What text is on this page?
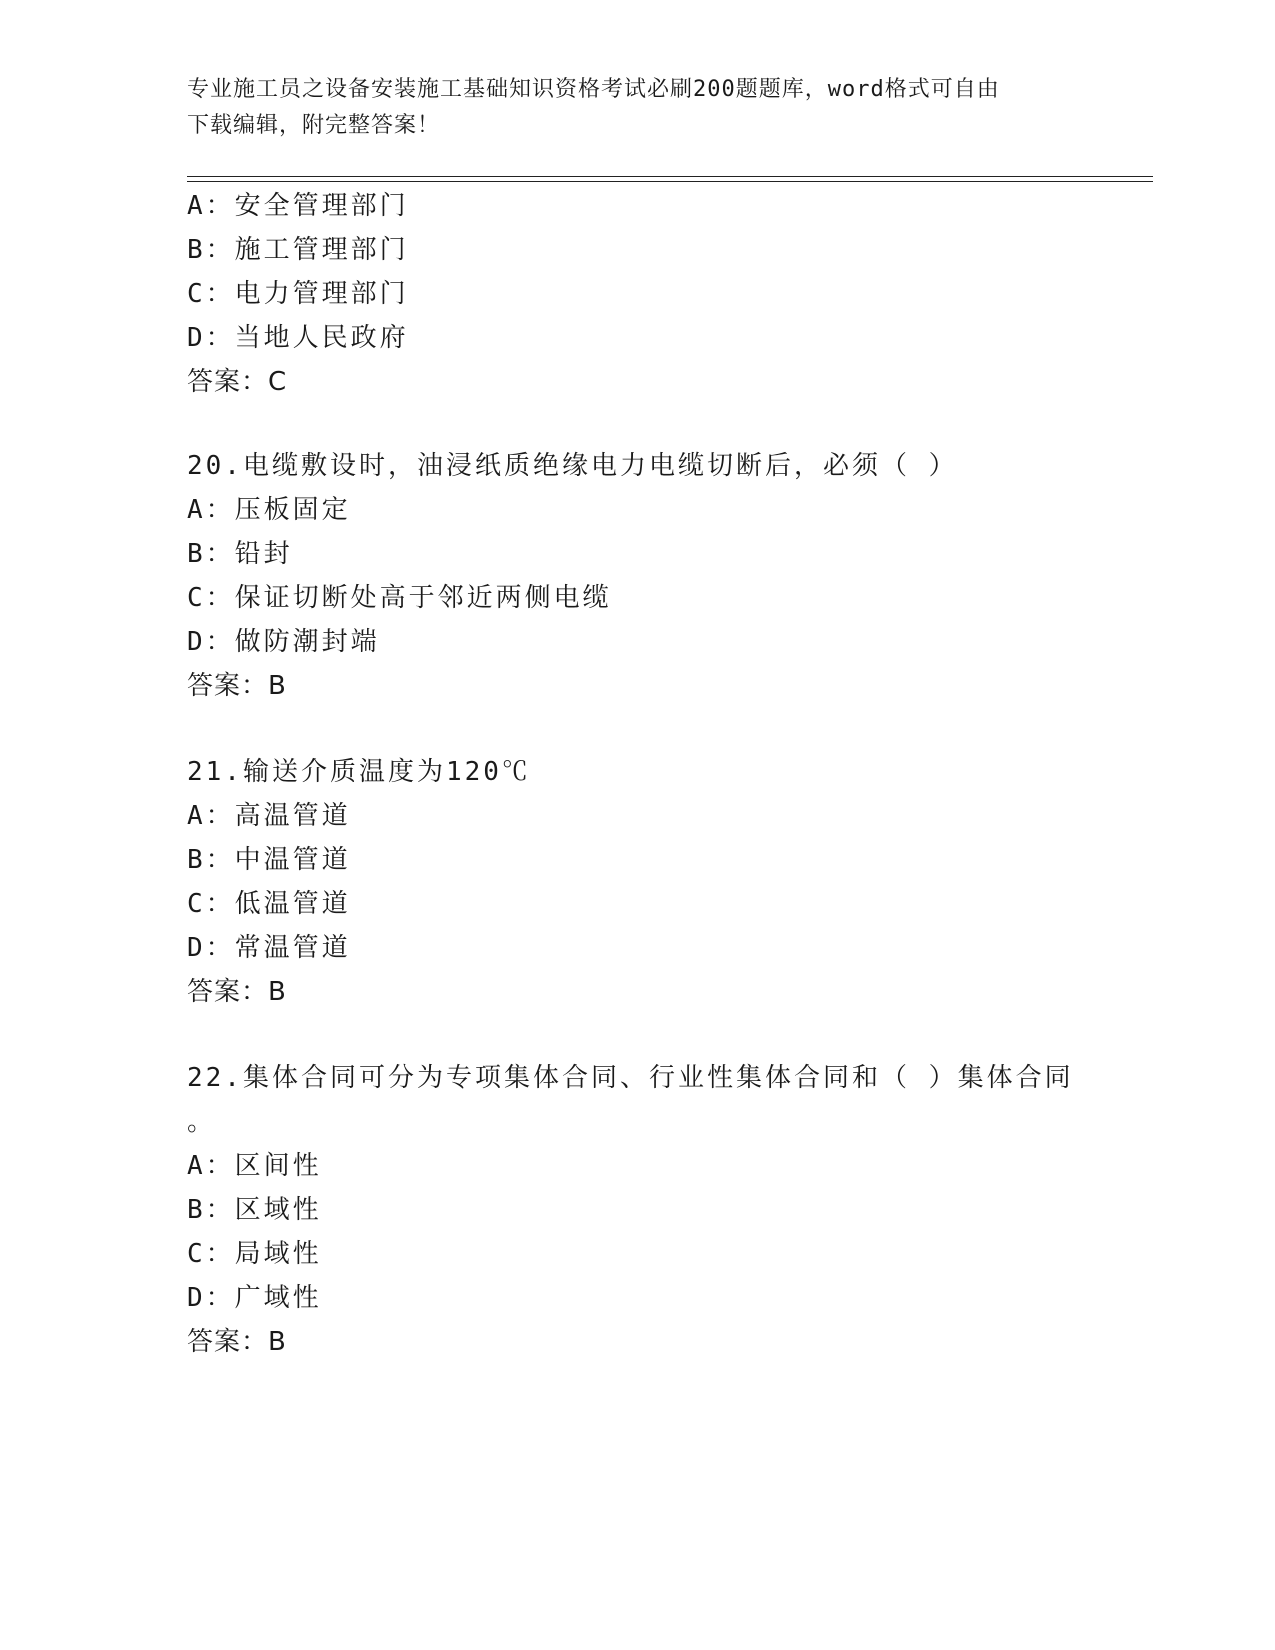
专业施工员之设备安装施工基础知识资格考试必刷200题题库，word格式可自由
下载编辑，附完整答案！
A：安全管理部门
B：施工管理部门
C：电力管理部门
D：当地人民政府
答案：C
20.电缆敷设时，油浸纸质绝缘电力电缆切断后，必须（ ）
A：压板固定
B：铅封
C：保证切断处高于邻近两侧电缆
D：做防潮封端
答案：B
21.输送介质温度为120℃
A：高温管道
B：中温管道
C：低温管道
D：常温管道
答案：B
22.集体合同可分为专项集体合同、行业性集体合同和（ ）集体合同
。
A：区间性
B：区域性
C：局域性
D：广域性
答案：B
